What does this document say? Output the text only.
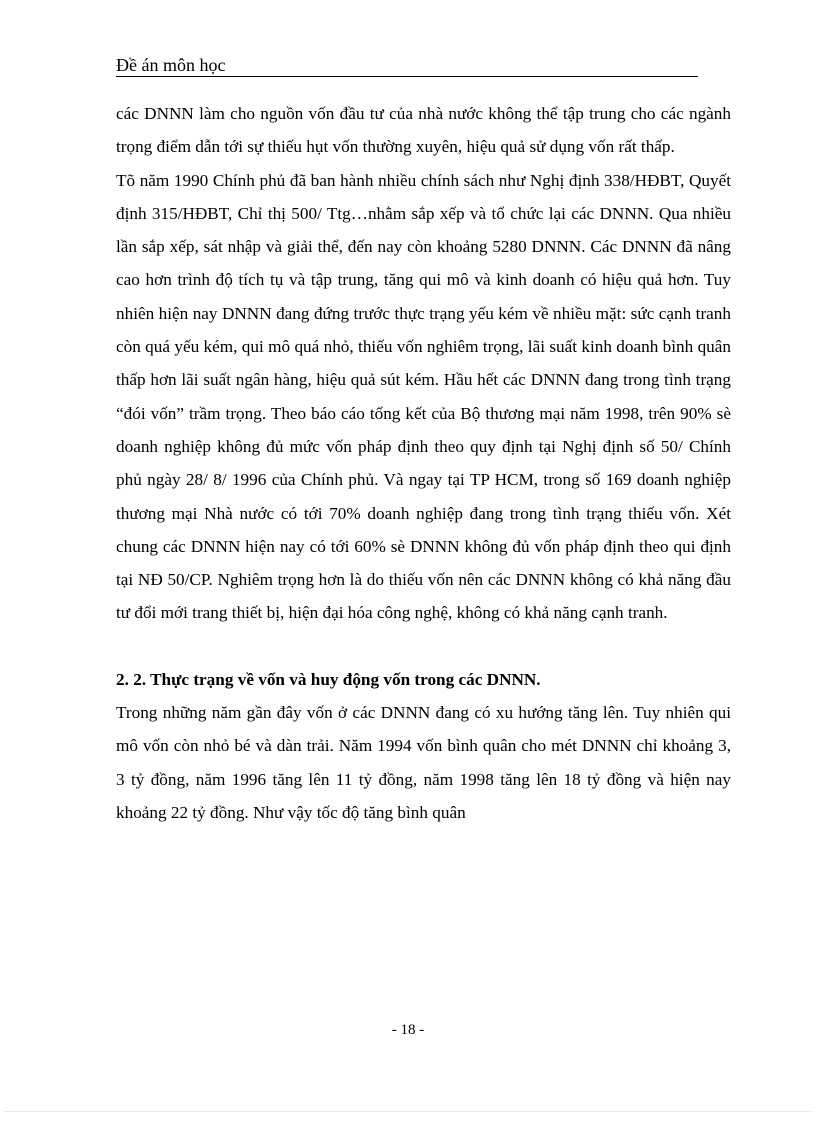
Đề án môn học

các DNNN làm cho nguồn vốn đầu tư của nhà nước không thể tập trung cho các ngành trọng điểm dẫn tới sự thiếu hụt vốn thường xuyên, hiệu quả sử dụng vốn rất thấp.

Tõ năm 1990 Chính phủ đã ban hành nhiều chính sách như Nghị định 338/HĐBT, Quyết định 315/HĐBT, Chỉ thị 500/ Ttg…nhằm sắp xếp và tổ chức lại các DNNN. Qua nhiều lần sắp xếp, sát nhập và giải thể, đến nay còn khoảng 5280 DNNN. Các DNNN đã nâng cao hơn trình độ tích tụ và tập trung, tăng qui mô và kinh doanh có hiệu quả hơn. Tuy nhiên hiện nay DNNN đang đứng trước thực trạng yếu kém về nhiều mặt: sức cạnh tranh còn quá yếu kém, qui mô quá nhỏ, thiếu vốn nghiêm trọng, lãi suất kinh doanh bình quân thấp hơn lãi suất ngân hàng, hiệu quả sút kém. Hầu hết các DNNN đang trong tình trạng “đói vốn” trầm trọng. Theo báo cáo tổng kết của Bộ thương mại năm 1998, trên 90% sè doanh nghiệp không đủ mức vốn pháp định theo quy định tại Nghị định số 50/ Chính phủ ngày 28/ 8/ 1996 của Chính phủ. Và ngay tại TP HCM, trong số 169 doanh nghiệp thương mại Nhà nước có tới 70% doanh nghiệp đang trong tình trạng thiếu vốn. Xét chung các DNNN hiện nay có tới 60% sè DNNN không đủ vốn pháp định theo qui định tại NĐ 50/CP. Nghiêm trọng hơn là do thiếu vốn nên các DNNN không có khả năng đầu tư đổi mới trang thiết bị, hiện đại hóa công nghệ, không có khả năng cạnh tranh.

2. 2. Thực trạng về vốn và huy động vốn trong các DNNN.

Trong những năm gần đây vốn ở các DNNN đang có xu hướng tăng lên. Tuy nhiên qui mô vốn còn nhỏ bé và dàn trải. Năm 1994 vốn bình quân cho mét DNNN chỉ khoảng 3, 3 tỷ đồng, năm 1996 tăng lên 11 tỷ đồng, năm 1998 tăng lên 18 tỷ đồng và hiện nay khoảng 22 tỷ đồng. Như vậy tốc độ tăng bình quân

- 18 -
